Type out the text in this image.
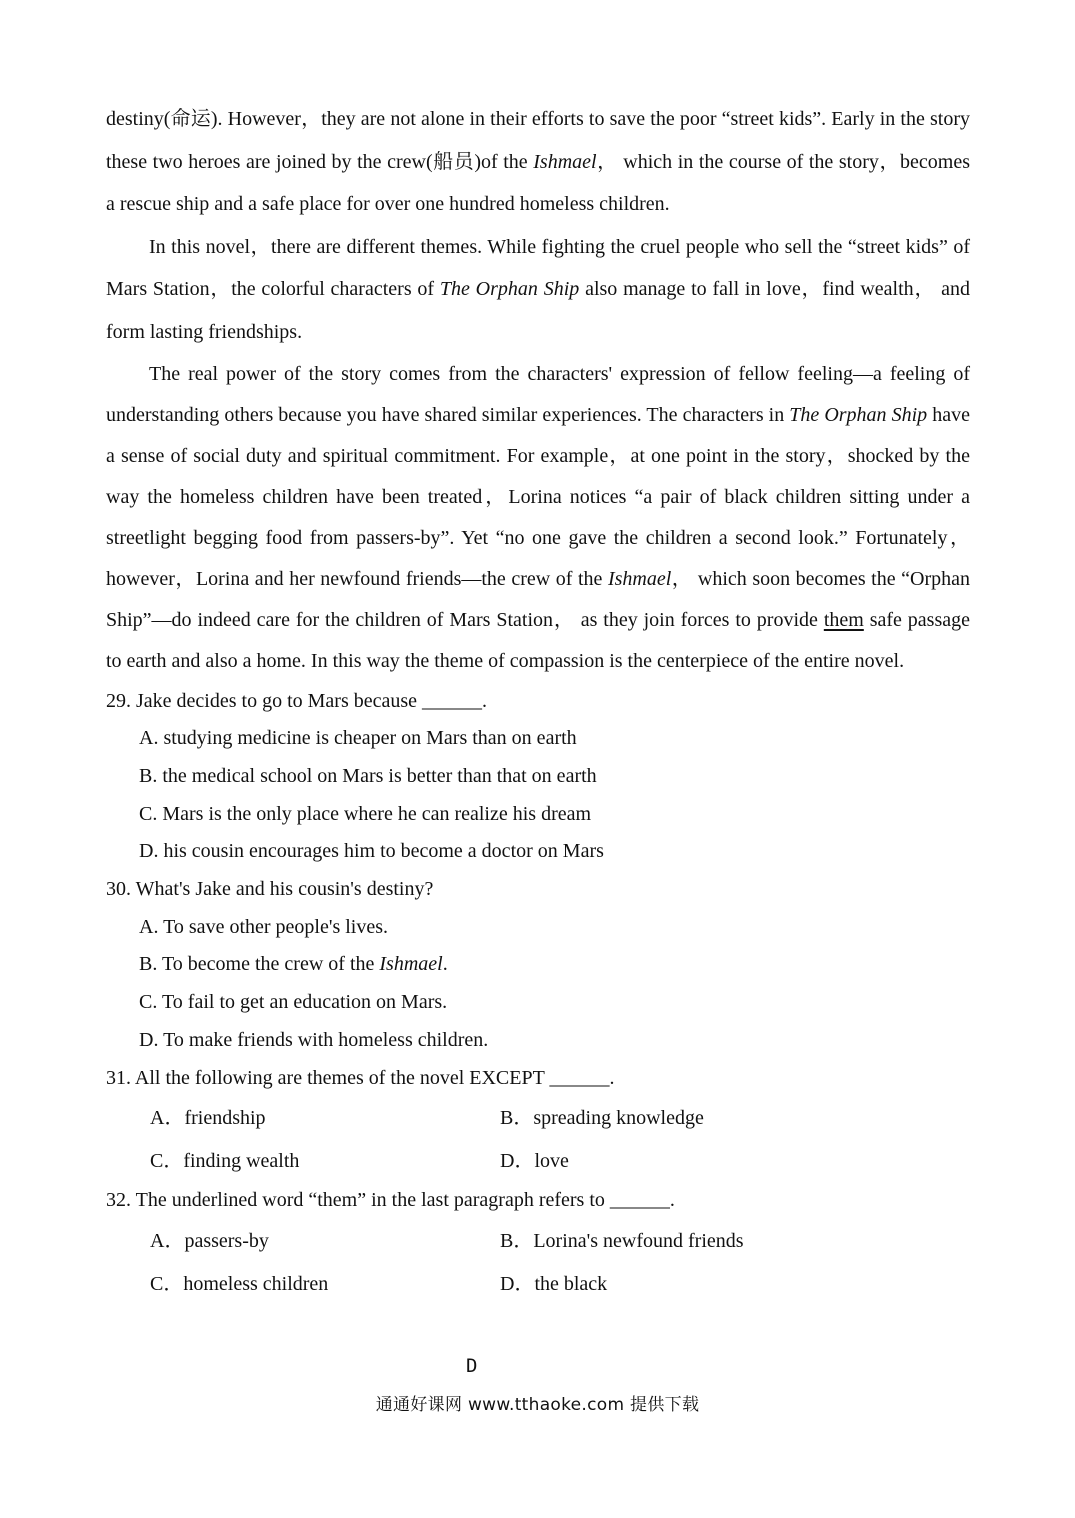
destiny(命运). However，they are not alone in their efforts to save the poor “street kids”. Early in the story these two heroes are joined by the crew(船员)of the Ishmael， which in the course of the story，becomes a rescue ship and a safe place for over one hundred homeless children.

In this novel，there are different themes. While fighting the cruel people who sell the “street kids” of Mars Station，the colorful characters of The Orphan Ship also manage to fall in love，find wealth， and form lasting friendships.

The real power of the story comes from the characters' expression of fellow feeling—a feeling of understanding others because you have shared similar experiences. The characters in The Orphan Ship have a sense of social duty and spiritual commitment. For example，at one point in the story，shocked by the way the homeless children have been treated，Lorina notices “a pair of black children sitting under a streetlight begging food from passers-by”. Yet “no one gave the children a second look.” Fortunately，however，Lorina and her newfound friends—the crew of the Ishmael， which soon becomes the “Orphan Ship”—do indeed care for the children of Mars Station， as they join forces to provide them safe passage to earth and also a home. In this way the theme of compassion is the centerpiece of the entire novel.

29. Jake decides to go to Mars because ______.

A. studying medicine is cheaper on Mars than on earth

B. the medical school on Mars is better than that on earth

C. Mars is the only place where he can realize his dream

D. his cousin encourages him to become a doctor on Mars

30. What's Jake and his cousin's destiny?

A. To save other people's lives.

B. To become the crew of the Ishmael.

C. To fail to get an education on Mars.

D. To make friends with homeless children.

31. All the following are themes of the novel EXCEPT ______.

A．friendship	B．spreading knowledge
C．finding wealth	D．love

32. The underlined word “them” in the last paragraph refers to ______.

A．passers-by	B．Lorina's newfound friends
C．homeless children	D．the black
D
通通好课网 www.tthaoke.com 提供下载
